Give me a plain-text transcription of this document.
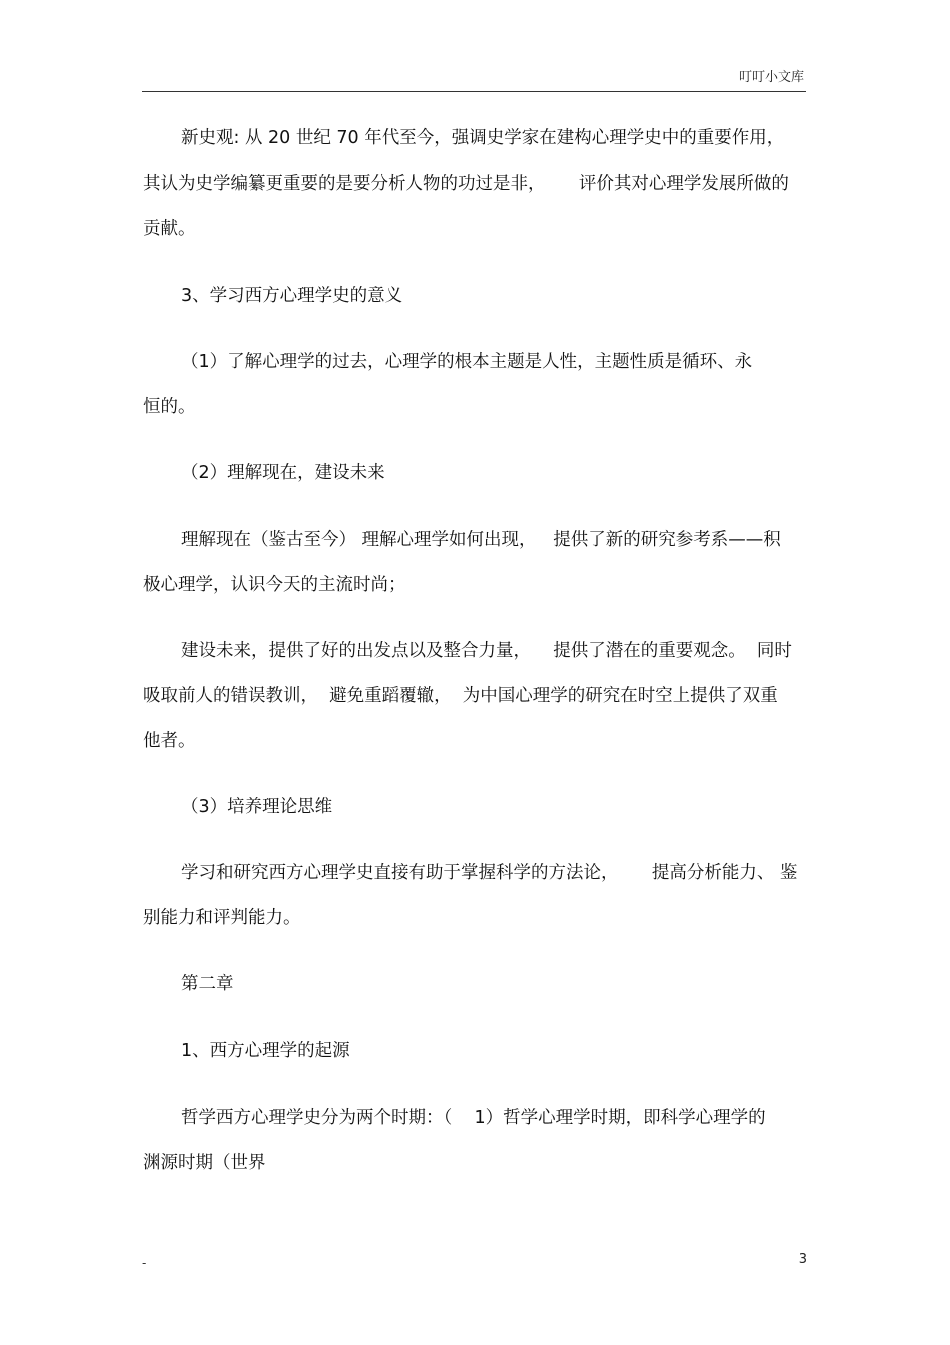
叮叮小文库
新史观: 从 20 世纪 70 年代至今，强调史学家在建构心理学史中的重要作用，
其认为史学编纂更重要的是要分析人物的功过是非，      评价其对心理学发展所做的
贡献。
3、学习西方心理学史的意义
（1）了解心理学的过去，心理学的根本主题是人性，主题性质是循环、永
恒的。
（2）理解现在，建设未来
理解现在（鉴古至今） 理解心理学如何出现，   提供了新的研究参考系——积
极心理学，认识今天的主流时尚；
建设未来，提供了好的出发点以及整合力量，    提供了潜在的重要观念。  同时
吸取前人的错误教训，  避免重蹈覆辙，  为中国心理学的研究在时空上提供了双重
他者。
（3）培养理论思维
学习和研究西方心理学史直接有助于掌握科学的方法论，      提高分析能力、 鉴
别能力和评判能力。
第二章
1、西方心理学的起源
哲学西方心理学史分为两个时期：（    1）哲学心理学时期，即科学心理学的
渊源时期（世界
-	3
